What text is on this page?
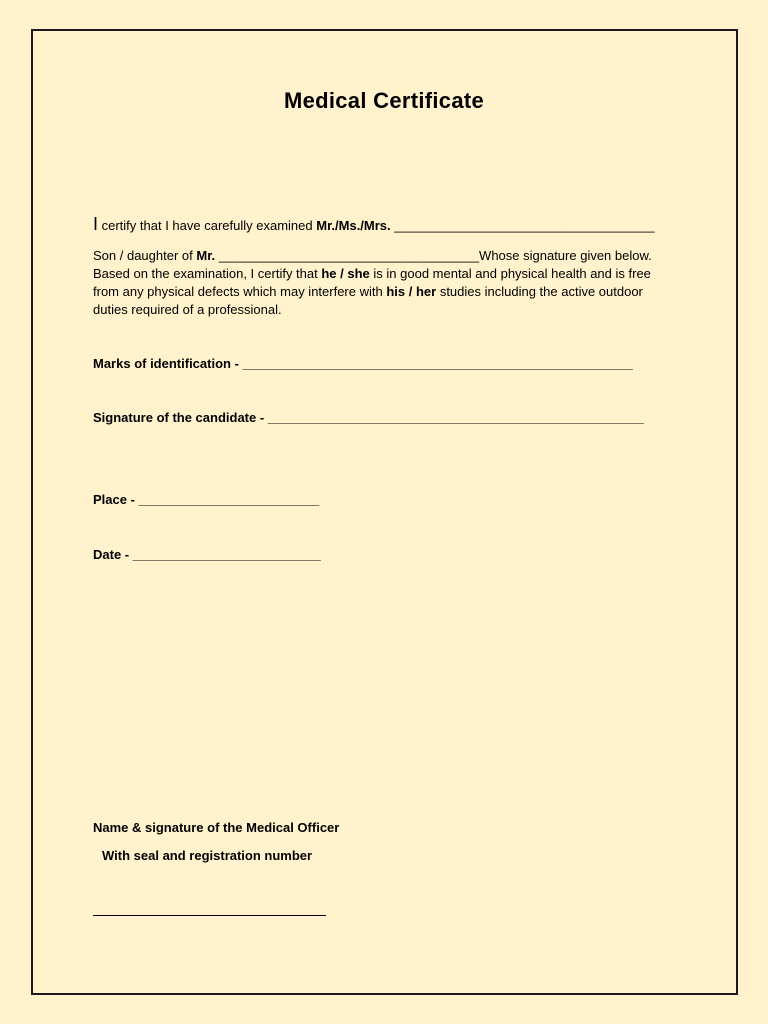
Medical Certificate
I certify that I have carefully examined Mr./Ms./Mrs. ____________________________________
Son / daughter of Mr. ____________________________________Whose signature given below. Based on the examination, I certify that he / she is in good mental and physical health and is free from any physical defects which may interfere with his / her studies including the active outdoor duties required of a professional.
Marks of identification - ______________________________________________________
Signature of the candidate - ____________________________________________________
Place - _________________________
Date - __________________________
Name & signature of the Medical Officer
With seal and registration number
